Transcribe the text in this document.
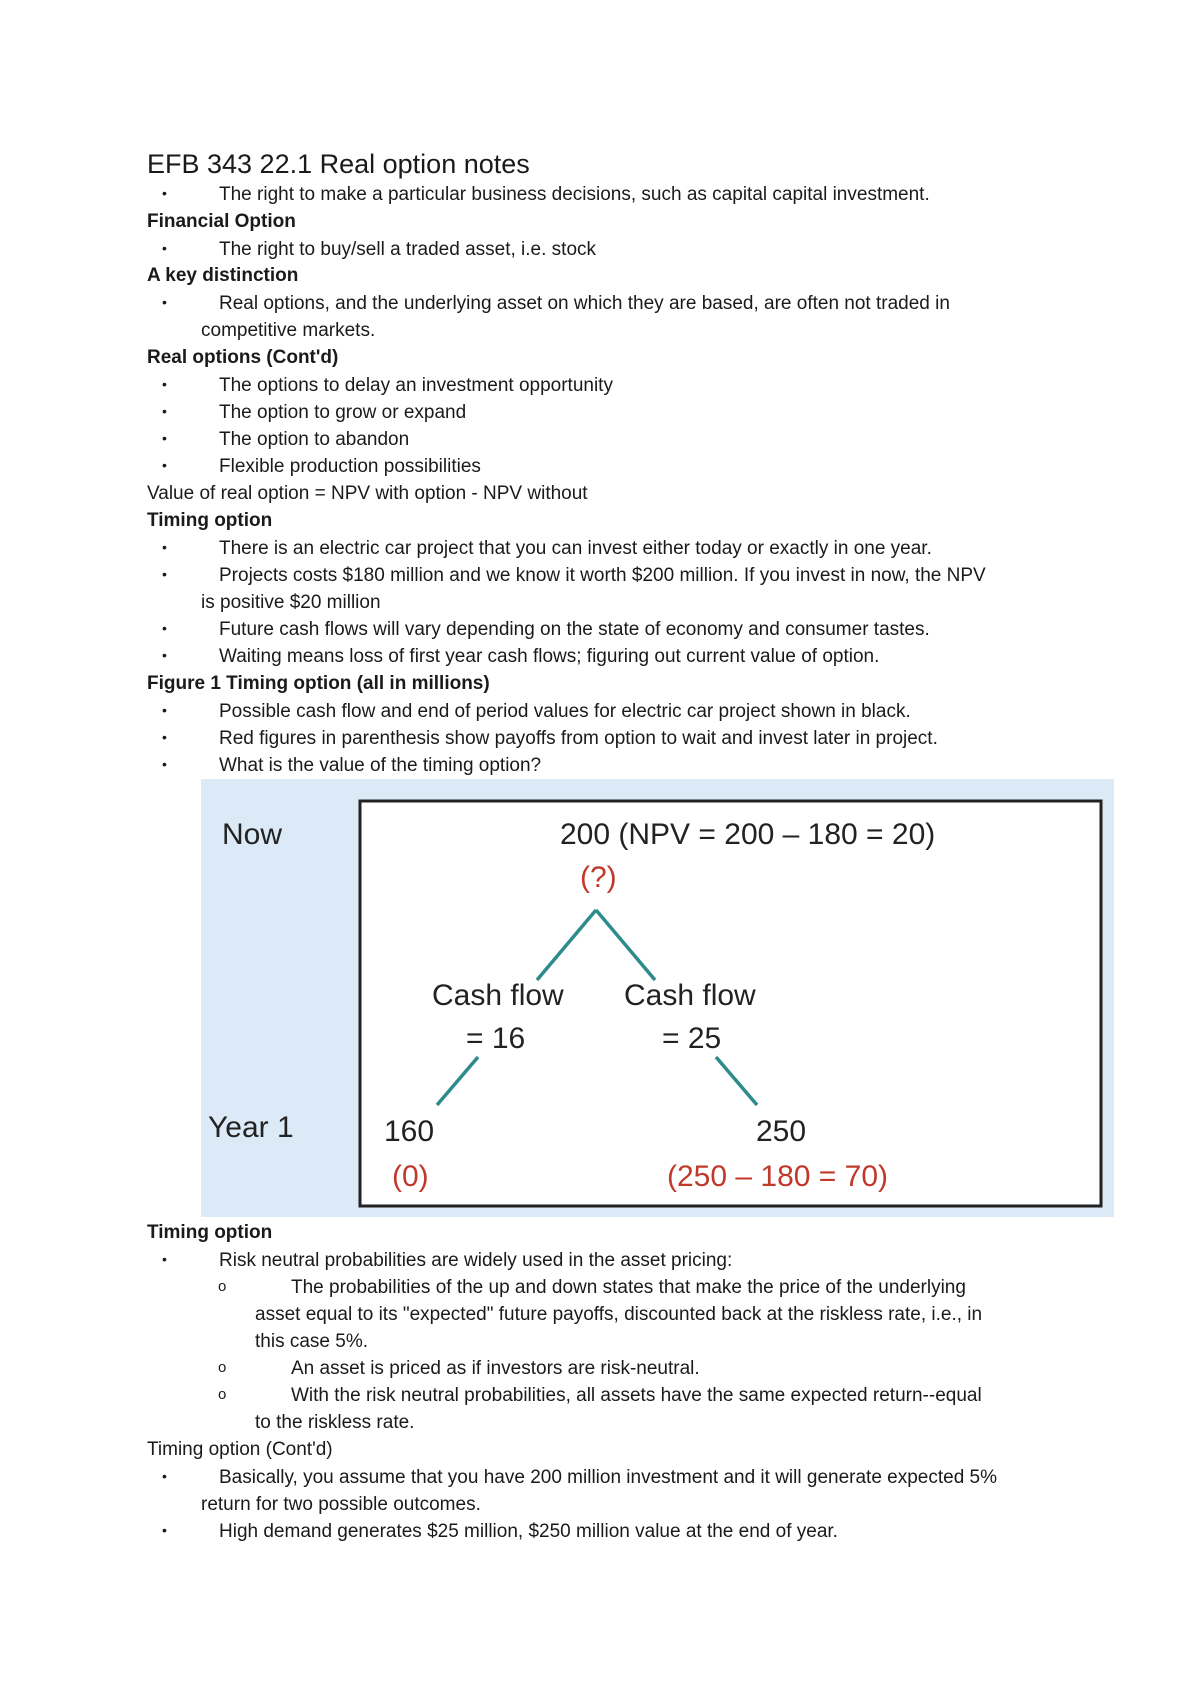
EFB 343 22.1 Real option notes
•	The right to make a particular business decisions, such as capital capital investment.
Financial Option
•	The right to buy/sell a traded asset, i.e. stock
A key distinction
•	Real options, and the underlying asset on which they are based, are often not traded in
competitive markets.
Real options (Cont'd)
•	The options to delay an investment opportunity
•	The option to grow or expand
•	The option to abandon
•	Flexible production possibilities
Value of real option = NPV with option - NPV without
Timing option
•	There is an electric car project that you can invest either today or exactly in one year.
•	Projects costs $180 million and we know it worth $200 million. If you invest in now, the NPV
is positive $20 million
•	Future cash flows will vary depending on the state of economy and consumer tastes.
•	Waiting means loss of first year cash flows; figuring out current value of option.
Figure 1 Timing option (all in millions)
•	Possible cash flow and end of period values for electric car project shown in black.
•	Red figures in parenthesis show payoffs from option to wait and invest later in project.
•	What is the value of the timing option?
Now
Year 1
200 (NPV = 200 – 180 = 20)
(?)
Cash flow
= 16
Cash flow
= 25
160
(0)
250
(250 – 180 = 70)
Timing option
•	Risk neutral probabilities are widely used in the asset pricing:
o	The probabilities of the up and down states that make the price of the underlying
asset equal to its "expected" future payoffs, discounted back at the riskless rate, i.e., in
this case 5%.
o	An asset is priced as if investors are risk-neutral.
o	With the risk neutral probabilities, all assets have the same expected return--equal
to the riskless rate.
Timing option (Cont'd)
•	Basically, you assume that you have 200 million investment and it will generate expected 5%
return for two possible outcomes.
•	High demand generates $25 million, $250 million value at the end of year.
